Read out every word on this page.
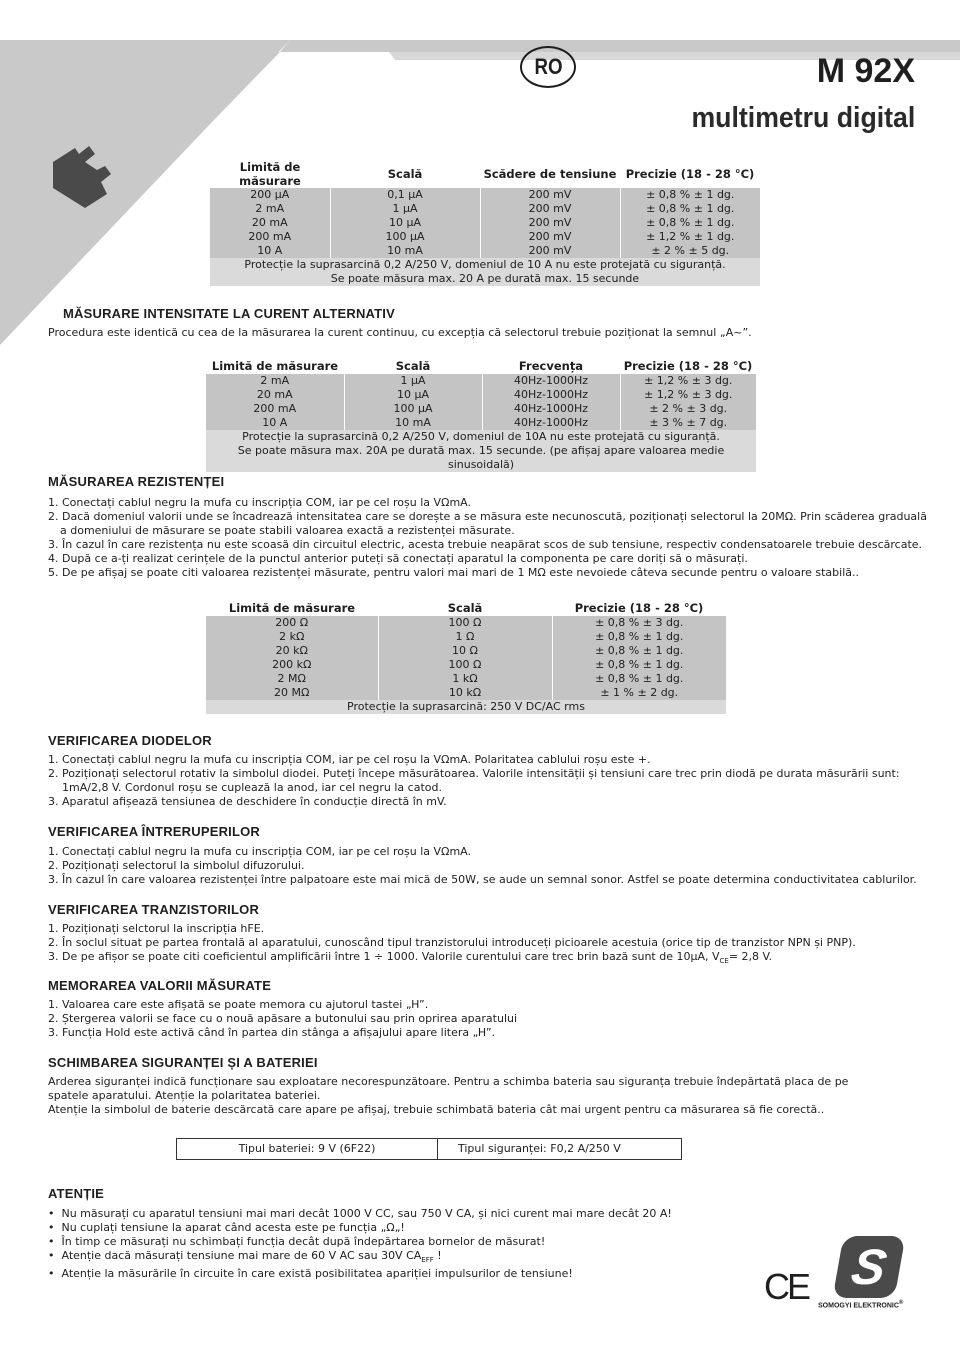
RO	M 92X
multimetru digital
Limită de măsurare	Scală	Scădere de tensiune	Precizie (18 - 28 °C)
200 µA	0,1 µA	200 mV	± 0,8 % ± 1 dg.
2 mA	1 µA	200 mV	± 0,8 % ± 1 dg.
20 mA	10 µA	200 mV	± 0,8 % ± 1 dg.
200 mA	100 µA	200 mV	± 1,2 % ± 1 dg.
10 A	10 mA	200 mV	± 2 % ± 5 dg.
Protecție la suprasarcină 0,2 A/250 V, domeniul de 10 A nu este protejată cu siguranță.			
Se poate măsura max. 20 A pe durată max. 15 secunde			
MĂSURARE INTENSITATE LA CURENT ALTERNATIV
Procedura este identică cu cea de la măsurarea la curent continuu, cu excepția că selectorul trebuie poziționat la semnul „A~”.
Limită de măsurare	Scală	Frecvența	Precizie (18 - 28 °C)
2 mA	1 µA	40Hz-1000Hz	± 1,2 % ± 3 dg.
20 mA	10 µA	40Hz-1000Hz	± 1,2 % ± 3 dg.
200 mA	100 µA	40Hz-1000Hz	± 2 % ± 3 dg.
10 A	10 mA	40Hz-1000Hz	± 3 % ± 7 dg.
Protecție la suprasarcină 0,2 A/250 V, domeniul de 10A nu este protejată cu siguranță.			
Se poate măsura max. 20A pe durată max. 15 secunde. (pe afișaj apare valoarea medie sinusoidală)			
MĂSURAREA REZISTENȚEI
1. Conectați cablul negru la mufa cu inscripția COM, iar pe cel roșu la VΩmA.
2. Dacă domeniul valorii unde se încadrează intensitatea care se dorește a se măsura este necunoscută, poziționați selectorul la 20MΩ. Prin scăderea graduală
a domeniului de măsurare se poate stabili valoarea exactă a rezistenței măsurate.
3. În cazul în care rezistența nu este scoasă din circuitul electric, acesta trebuie neapărat scos de sub tensiune, respectiv condensatoarele trebuie descărcate.
4. După ce a-ți realizat cerințele de la punctul anterior puteți să conectați aparatul la componenta pe care doriți să o măsurați.
5. De pe afișaj se poate citi valoarea rezistenței măsurate, pentru valori mai mari de 1 MΩ este nevoiede câteva secunde pentru o valoare stabilă..
Limită de măsurare	Scală	Precizie (18 - 28 °C)
200 Ω	100 Ω	± 0,8 % ± 3 dg.
2 kΩ	1 Ω	± 0,8 % ± 1 dg.
20 kΩ	10 Ω	± 0,8 % ± 1 dg.
200 kΩ	100 Ω	± 0,8 % ± 1 dg.
2 MΩ	1 kΩ	± 0,8 % ± 1 dg.
20 MΩ	10 kΩ	± 1 % ± 2 dg.
Protecție la suprasarcină: 250 V DC/AC rms		
VERIFICAREA DIODELOR
1. Conectați cablul negru la mufa cu inscripția COM, iar pe cel roșu la VΩmA. Polaritatea cablului roșu este +.
2. Poziționați selectorul rotativ la simbolul diodei. Puteți începe măsurătoarea. Valorile intensității și tensiuni care trec prin diodă pe durata măsurării sunt:
1mA/2,8 V. Cordonul roșu se cuplează la anod, iar cel negru la catod.
3. Aparatul afișează tensiunea de deschidere în conducție directă în mV.
VERIFICAREA ÎNTRERUPERILOR
1. Conectați cablul negru la mufa cu inscripția COM, iar pe cel roșu la VΩmA.
2. Poziționați selectorul la simbolul difuzorului.
3. În cazul în care valoarea rezistenței între palpatoare este mai mică de 50W, se aude un semnal sonor. Astfel se poate determina conductivitatea cablurilor.
VERIFICAREA TRANZISTORILOR
1. Poziționați selctorul la inscripția hFE.
2. În soclul situat pe partea frontală al aparatului, cunoscând tipul tranzistorului introduceți picioarele acestuia (orice tip de tranzistor NPN și PNP).
3. De pe afișor se poate citi coeficientul amplificării între 1 ÷ 1000. Valorile curentului care trec brin bază sunt de 10µA, $V_{CE}= 2,8$ V.
MEMORAREA VALORII MĂSURATE
1. Valoarea care este afișată se poate memora cu ajutorul tastei „H”.
2. Ștergerea valorii se face cu o nouă apăsare a butonului sau prin oprirea aparatului
3. Funcția Hold este activă când în partea din stânga a afișajului apare litera „H”.
SCHIMBAREA SIGURANȚEI ȘI A BATERIEI
Arderea siguranței indică funcționare sau exploatare necorespunzătoare. Pentru a schimba bateria sau siguranța trebuie îndepărtată placa de pe
spatele aparatului. Atenție la polaritatea bateriei.
Atenție la simbolul de baterie descărcată care apare pe afișaj, trebuie schimbată bateria cât mai urgent pentru ca măsurarea să fie corectă..
Tipul bateriei: 9 V (6F22)	Tipul siguranței: F0,2 A/250 V
ATENȚIE
•  Nu măsurați cu aparatul tensiuni mai mari decât 1000 V CC, sau 750 V CA, și nici curent mai mare decât 20 A!
•  Nu cuplați tensiune la aparat când acesta este pe funcția „Ω„!
•  În timp ce măsurați nu schimbați funcția decât după îndepărtarea bornelor de măsurat!
•  Atenție dacă măsurați tensiune mai mare de 60 V AC sau 30V $CA_{EFF}$ !
•  Atenție la măsurările în circuite în care există posibilitatea apariției impulsurilor de tensiune!	CE S
SOMOGYI ELEKTRONIC®
